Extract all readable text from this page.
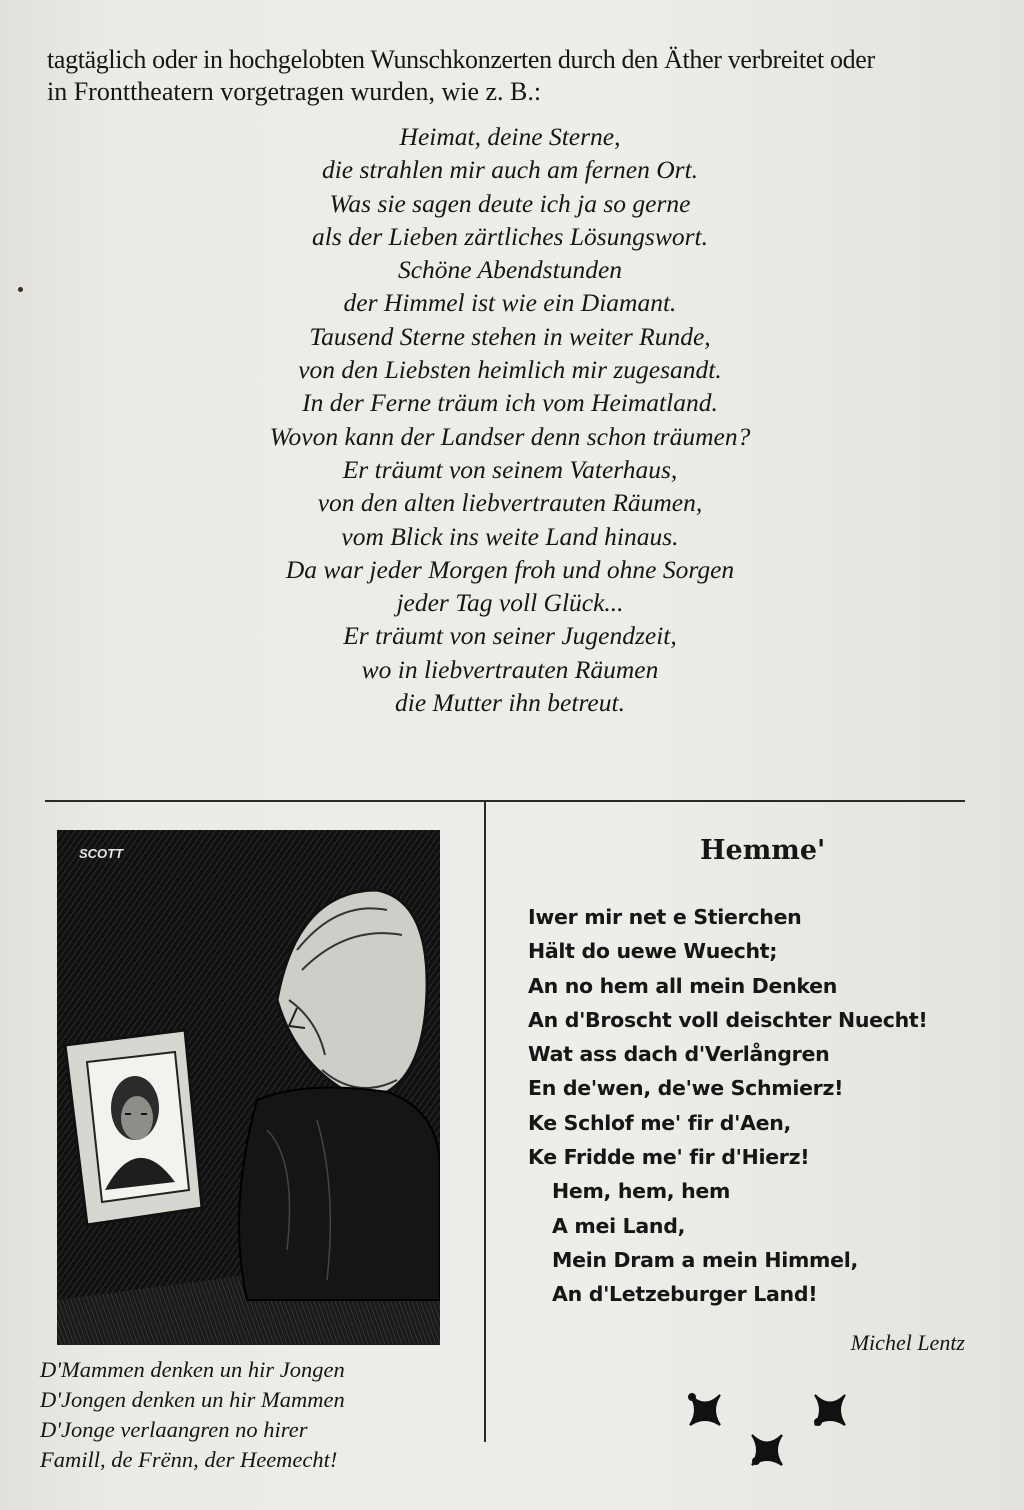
tagtäglich oder in hochgelobten Wunschkonzerten durch den Äther verbreitet oder
in Fronttheatern vorgetragen wurden, wie z. B.:
Heimat, deine Sterne,
die strahlen mir auch am fernen Ort.
Was sie sagen deute ich ja so gerne
als der Lieben zärtliches Lösungswort.
Schöne Abendstunden
der Himmel ist wie ein Diamant.
Tausend Sterne stehen in weiter Runde,
von den Liebsten heimlich mir zugesandt.
In der Ferne träum ich vom Heimatland.
Wovon kann der Landser denn schon träumen?
Er träumt von seinem Vaterhaus,
von den alten liebvertrauten Räumen,
vom Blick ins weite Land hinaus.
Da war jeder Morgen froh und ohne Sorgen
jeder Tag voll Glück...
Er träumt von seiner Jugendzeit,
wo in liebvertrauten Räumen
die Mutter ihn betreut.
SCOTT
D'Mammen denken un hir Jongen
D'Jongen denken un hir Mammen
D'Jonge verlaangren no hirer
Famill, de Frënn, der Heemecht!
Hemme'
Iwer mir net e Stierchen
Hält do uewe Wuecht;
An no hem all mein Denken
An d'Broscht voll deischter Nuecht!
Wat ass dach d'Verlångren
En de'wen, de'we Schmierz!
Ke Schlof me' fir d'Aen,
Ke Fridde me' fir d'Hierz!
Hem, hem, hem
A mei Land,
Mein Dram a mein Himmel,
An d'Letzeburger Land!
Michel Lentz
